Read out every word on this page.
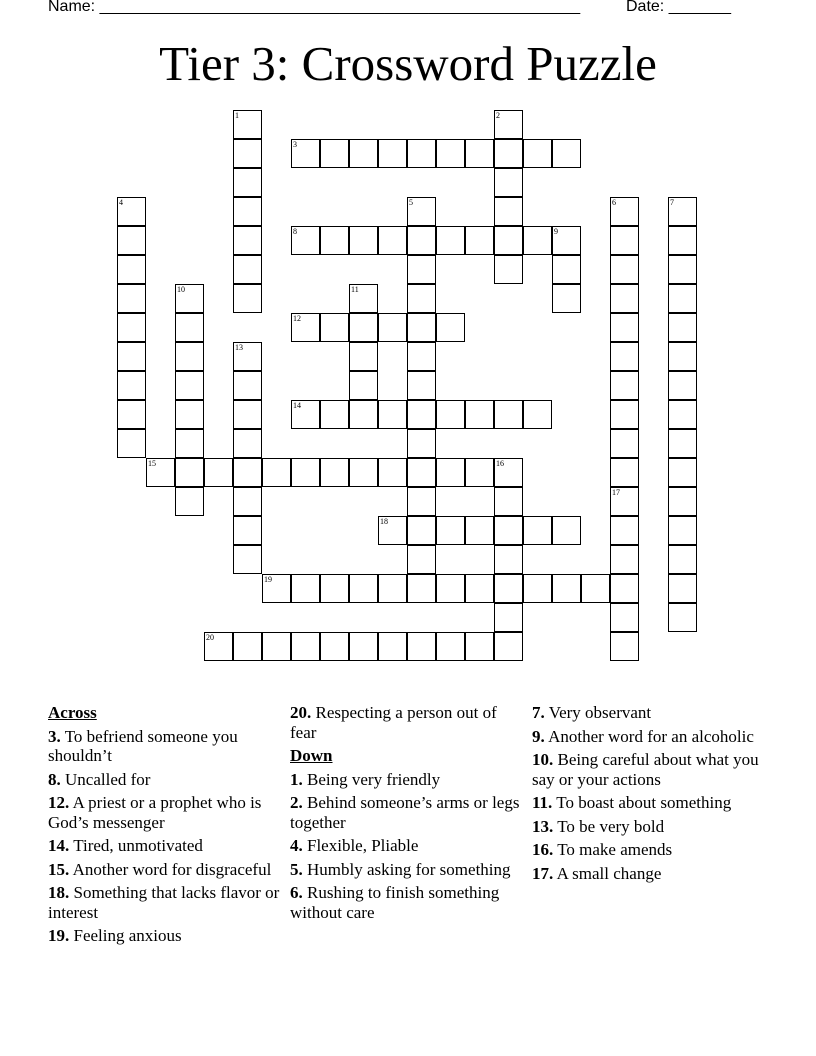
Name: ______________________________________________________	Date: _______
Tier 3: Crossword Puzzle
1	2
3
4	5	6
17
7
8	9
10	11
12
13
14
15	16
18
19
20
Across
3. To befriend someone you shouldn’t
8. Uncalled for
12. A priest or a prophet who is God’s messenger
14. Tired, unmotivated
15. Another word for disgraceful
18. Something that lacks flavor or interest
19. Feeling anxious
20. Respecting a person out of fear
Down
1. Being very friendly
2. Behind someone’s arms or legs together
4. Flexible, Pliable
5. Humbly asking for something
6. Rushing to finish something without care
7. Very observant
9. Another word for an alcoholic
10. Being careful about what you say or your actions
11. To boast about something
13. To be very bold
16. To make amends
17. A small change
